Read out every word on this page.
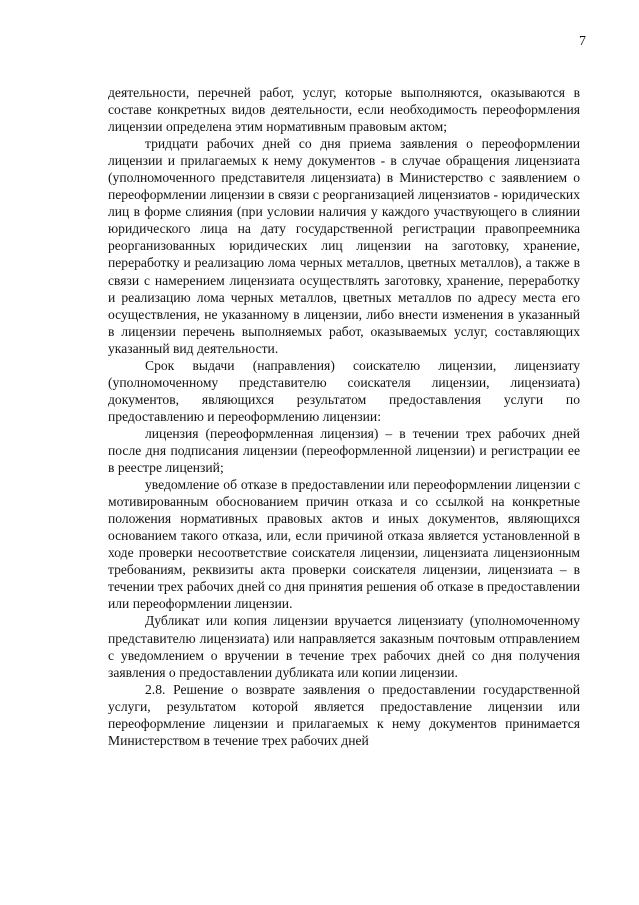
7

деятельности, перечней работ, услуг, которые выполняются, оказываются в составе конкретных видов деятельности, если необходимость переоформления лицензии определена этим нормативным правовым актом;

тридцати рабочих дней со дня приема заявления о переоформлении лицензии и прилагаемых к нему документов - в случае обращения лицензиата (уполномоченного представителя лицензиата) в Министерство с заявлением о переоформлении лицензии в связи с реорганизацией лицензиатов - юридических лиц в форме слияния (при условии наличия у каждого участвующего в слиянии юридического лица на дату государственной регистрации правопреемника реорганизованных юридических лиц лицензии на заготовку, хранение, переработку и реализацию лома черных металлов, цветных металлов), а также в связи с намерением лицензиата осуществлять заготовку, хранение, переработку и реализацию лома черных металлов, цветных металлов по адресу места его осуществления, не указанному в лицензии, либо внести изменения в указанный в лицензии перечень выполняемых работ, оказываемых услуг, составляющих указанный вид деятельности.

Срок выдачи (направления) соискателю лицензии, лицензиату (уполномоченному представителю соискателя лицензии, лицензиата) документов, являющихся результатом предоставления услуги по предоставлению и переоформлению лицензии:

лицензия (переоформленная лицензия) – в течении трех рабочих дней после дня подписания лицензии (переоформленной лицензии) и регистрации ее в реестре лицензий;

уведомление об отказе в предоставлении или переоформлении лицензии с мотивированным обоснованием причин отказа и со ссылкой на конкретные положения нормативных правовых актов и иных документов, являющихся основанием такого отказа, или, если причиной отказа является установленной в ходе проверки несоответствие соискателя лицензии, лицензиата лицензионным требованиям, реквизиты акта проверки соискателя лицензии, лицензиата – в течении трех рабочих дней со дня принятия решения об отказе в предоставлении или переоформлении лицензии.

Дубликат или копия лицензии вручается лицензиату (уполномоченному представителю лицензиата) или направляется заказным почтовым отправлением с уведомлением о вручении в течение трех рабочих дней со дня получения заявления о предоставлении дубликата или копии лицензии.

2.8. Решение о возврате заявления о предоставлении государственной услуги, результатом которой является предоставление лицензии или переоформление лицензии и прилагаемых к нему документов принимается Министерством в течение трех рабочих дней
